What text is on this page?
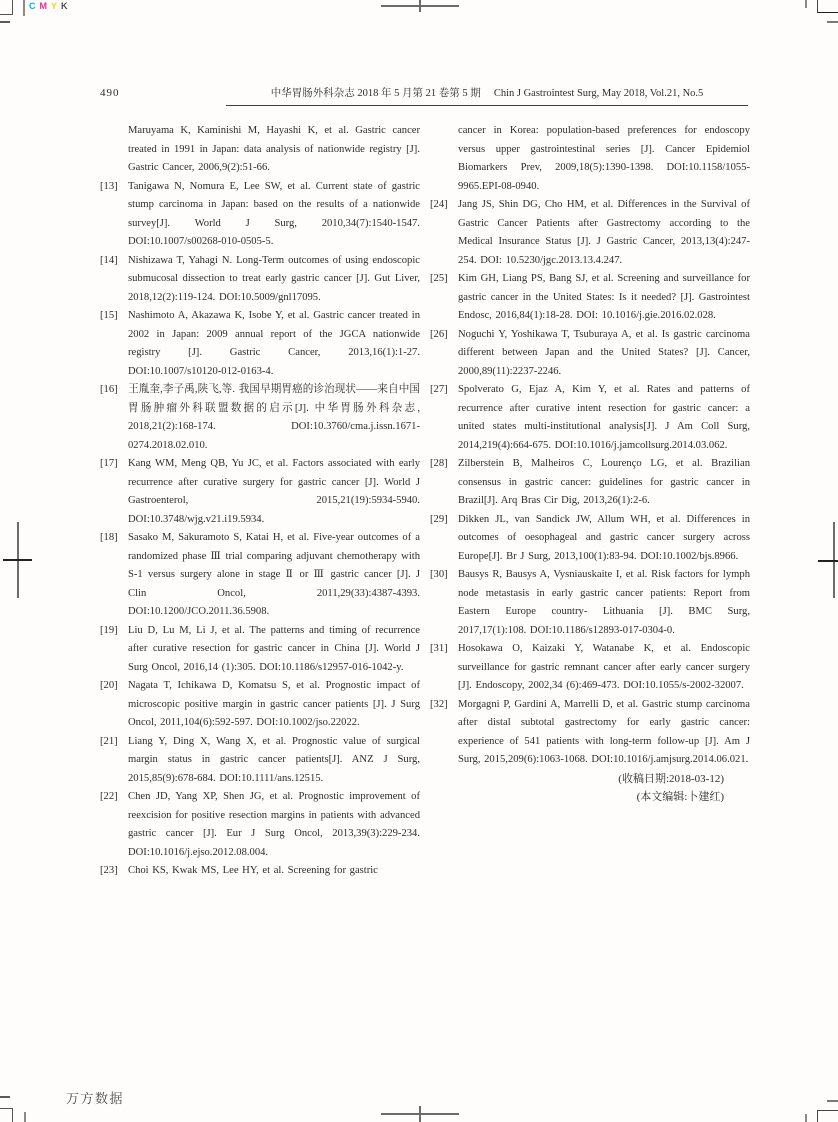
C M Y K
490	中华胃肠外科杂志 2018 年 5 月第 21 卷第 5 期　 Chin J Gastrointest Surg, May 2018, Vol.21, No.5

Maruyama K, Kaminishi M, Hayashi K, et al. Gastric cancer treated in 1991 in Japan: data analysis of nationwide registry [J]. Gastric Cancer, 2006,9(2):51-66.

[13] Tanigawa N, Nomura E, Lee SW, et al. Current state of gastric stump carcinoma in Japan: based on the results of a nationwide survey[J]. World J Surg, 2010,34(7):1540-1547. DOI:10.1007/s00268-010-0505-5.

[14] Nishizawa T, Yahagi N. Long-Term outcomes of using endoscopic submucosal dissection to treat early gastric cancer [J]. Gut Liver, 2018,12(2):119-124. DOI:10.5009/gnl17095.

[15] Nashimoto A, Akazawa K, Isobe Y, et al. Gastric cancer treated in 2002 in Japan: 2009 annual report of the JGCA nationwide registry [J]. Gastric Cancer, 2013,16(1):1-27. DOI:10.1007/s10120-012-0163-4.

[16] 王胤奎,李子禹,陕飞,等. 我国早期胃癌的诊治现状——来自中国胃肠肿瘤外科联盟数据的启示[J]. 中华胃肠外科杂志, 2018,21(2):168-174. DOI:10.3760/cma.j.issn.1671-0274.2018.02.010.

[17] Kang WM, Meng QB, Yu JC, et al. Factors associated with early recurrence after curative surgery for gastric cancer [J]. World J Gastroenterol, 2015,21(19):5934-5940. DOI:10.3748/wjg.v21.i19.5934.

[18] Sasako M, Sakuramoto S, Katai H, et al. Five-year outcomes of a randomized phase Ⅲ trial comparing adjuvant chemotherapy with S-1 versus surgery alone in stage Ⅱ or Ⅲ gastric cancer [J]. J Clin Oncol, 2011,29(33):4387-4393. DOI:10.1200/JCO.2011.36.5908.

[19] Liu D, Lu M, Li J, et al. The patterns and timing of recurrence after curative resection for gastric cancer in China [J]. World J Surg Oncol, 2016,14 (1):305. DOI:10.1186/s12957-016-1042-y.

[20] Nagata T, Ichikawa D, Komatsu S, et al. Prognostic impact of microscopic positive margin in gastric cancer patients [J]. J Surg Oncol, 2011,104(6):592-597. DOI:10.1002/jso.22022.

[21] Liang Y, Ding X, Wang X, et al. Prognostic value of surgical margin status in gastric cancer patients[J]. ANZ J Surg, 2015,85(9):678-684. DOI:10.1111/ans.12515.

[22] Chen JD, Yang XP, Shen JG, et al. Prognostic improvement of reexcision for positive resection margins in patients with advanced gastric cancer [J]. Eur J Surg Oncol, 2013,39(3):229-234. DOI:10.1016/j.ejso.2012.08.004.

[23] Choi KS, Kwak MS, Lee HY, et al. Screening for gastric

cancer in Korea: population-based preferences for endoscopy versus upper gastrointestinal series [J]. Cancer Epidemiol Biomarkers Prev, 2009,18(5):1390-1398. DOI:10.1158/1055-9965.EPI-08-0940.

[24] Jang JS, Shin DG, Cho HM, et al. Differences in the Survival of Gastric Cancer Patients after Gastrectomy according to the Medical Insurance Status [J]. J Gastric Cancer, 2013,13(4):247-254. DOI: 10.5230/jgc.2013.13.4.247.

[25] Kim GH, Liang PS, Bang SJ, et al. Screening and surveillance for gastric cancer in the United States: Is it needed? [J]. Gastrointest Endosc, 2016,84(1):18-28. DOI: 10.1016/j.gie.2016.02.028.

[26] Noguchi Y, Yoshikawa T, Tsuburaya A, et al. Is gastric carcinoma different between Japan and the United States? [J]. Cancer, 2000,89(11):2237-2246.

[27] Spolverato G, Ejaz A, Kim Y, et al. Rates and patterns of recurrence after curative intent resection for gastric cancer: a united states multi-institutional analysis[J]. J Am Coll Surg, 2014,219(4):664-675. DOI:10.1016/j.jamcollsurg.2014.03.062.

[28] Zilberstein B, Malheiros C, Lourenço LG, et al. Brazilian consensus in gastric cancer: guidelines for gastric cancer in Brazil[J]. Arq Bras Cir Dig, 2013,26(1):2-6.

[29] Dikken JL, van Sandick JW, Allum WH, et al. Differences in outcomes of oesophageal and gastric cancer surgery across Europe[J]. Br J Surg, 2013,100(1):83-94. DOI:10.1002/bjs.8966.

[30] Bausys R, Bausys A, Vysniauskaite I, et al. Risk factors for lymph node metastasis in early gastric cancer patients: Report from Eastern Europe country- Lithuania [J]. BMC Surg, 2017,17(1):108. DOI:10.1186/s12893-017-0304-0.

[31] Hosokawa O, Kaizaki Y, Watanabe K, et al. Endoscopic surveillance for gastric remnant cancer after early cancer surgery [J]. Endoscopy, 2002,34 (6):469-473. DOI:10.1055/s-2002-32007.

[32] Morgagni P, Gardini A, Marrelli D, et al. Gastric stump carcinoma after distal subtotal gastrectomy for early gastric cancer: experience of 541 patients with long-term follow-up [J]. Am J Surg, 2015,209(6):1063-1068. DOI:10.1016/j.amjsurg.2014.06.021.

(收稿日期:2018-03-12)

(本文编辑:卜建红)

万方数据
